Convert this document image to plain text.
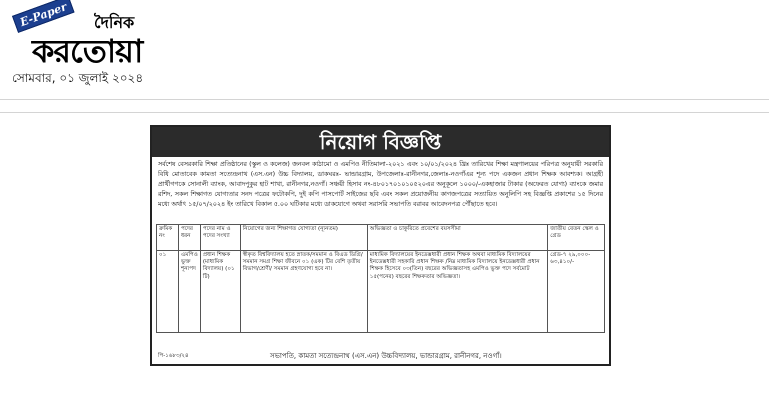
E-Paper	দৈনিক
করতোয়া
সোমবার, ০১ জুলাই ২০২৪
নিয়োগ বিজ্ঞপ্তি
সর্বশেষ বেসরকারি শিক্ষা প্রতিষ্ঠানের (স্কুল ও কলেজ) জনবল কাঠামো ও এমপিও নীতিমালা-২০২১ এবং ১০/০১/২০২৪ খ্রিঃ তারিখের শিক্ষা মন্ত্রণালয়ের পরিপত্র অনুযায়ী সরকারি বিধি মোতাবেক কামতা সত্যেন্দ্রনাথ (এস.এন) উচ্চ বিদ্যালয়, ডাকঘরঃ- ভান্ডারগ্রাম, উপজেলাঃ-রানীনগর,জেলাঃ-নওগাঁএর শূন্য পদে একজন প্রধান শিক্ষক আবশ্যক। আগ্রহী প্রার্থীগণকে সোনালী ব্যাংক, আবাদপুকুর হাট শাখা, রানীনগর,নওগাঁ। সঞ্চয়ী হিসাব নং-৪৮০১৭০১০১০৫২০এর অনুকূলে ১০০০/-একহাজার টাকার (অফেরত যোগ্য) ব্যাংকে জমার রশিদ, সকল শিক্ষাগত যোগ্যতার সনদ পত্রের ফটোকপি, দুই কপি পাসপোর্ট সাইজের ছবি এবং সকল প্রয়োজনীয় কাগজপত্রের সত্যায়িত অনুলিপি সহ বিজ্ঞপ্তি প্রকাশের ১৫ দিনের মধ্যে অর্থাৎ ১৫/০৭/২০২৪ ইং তারিখে বিকাল ৫.০০ ঘটিকার মধ্যে ডাকযোগে অথবা সরাসরি সভাপতি বরাবর আবেদনপত্র পৌঁছাতে হবে।
ক্রমিক নং	পদের ধরন	পদের নাম ও পদের সংখ্যা	নিয়োগের জন্য শিক্ষাগত যোগ্যতা (ন্যূনতম)	অভিজ্ঞতা ও চাকুরিতে প্রবেশের বয়সসীমা	জাতীয় বেতন স্কেল ও গ্রেড
০১	এমপিও ভুক্ত শূন্যপদ	প্রধান শিক্ষক (মাধ্যমিক বিদ্যালয়) (০১ টি)	স্বীকৃত বিশ্ববিদ্যালয় হতে স্নাতক/সমমান ও বিএড ডিগ্রি/সমমান সমগ্র শিক্ষা জীবনে ০১ (এক) টির বেশি তৃতীয় বিভাগ/শ্রেণী/ সমমান গ্রহণযোগ্য হবে না।	মাধ্যমিক বিদ্যালয়ের ইনডেক্সধারী প্রধান শিক্ষক অথবা মাধ্যমিক বিদ্যালয়ের ইনডেক্সধারী সহকারি প্রধান শিক্ষক /নিম্ন মাধ্যমিক বিদ্যালয়ে ইনডেক্সধারী প্রধান শিক্ষক হিসেবে ০৩(তিন) বছরের অভিজ্ঞতাসহ এমপিও ভুক্ত পদে সর্বমোট ১৫(পনের) বছরের শিক্ষকতার অভিজ্ঞতা।	গ্রেড-৭ ২৯,০০০- ৬৩,৪১০/-
পি-১৬৮৩/২৪	সভাপতি, কামতা সত্যেন্দ্রনাথ (এস.এন) উচ্চবিদ্যালয়, ভান্ডারগ্রাম, রানীনগর, নওগাঁ।
